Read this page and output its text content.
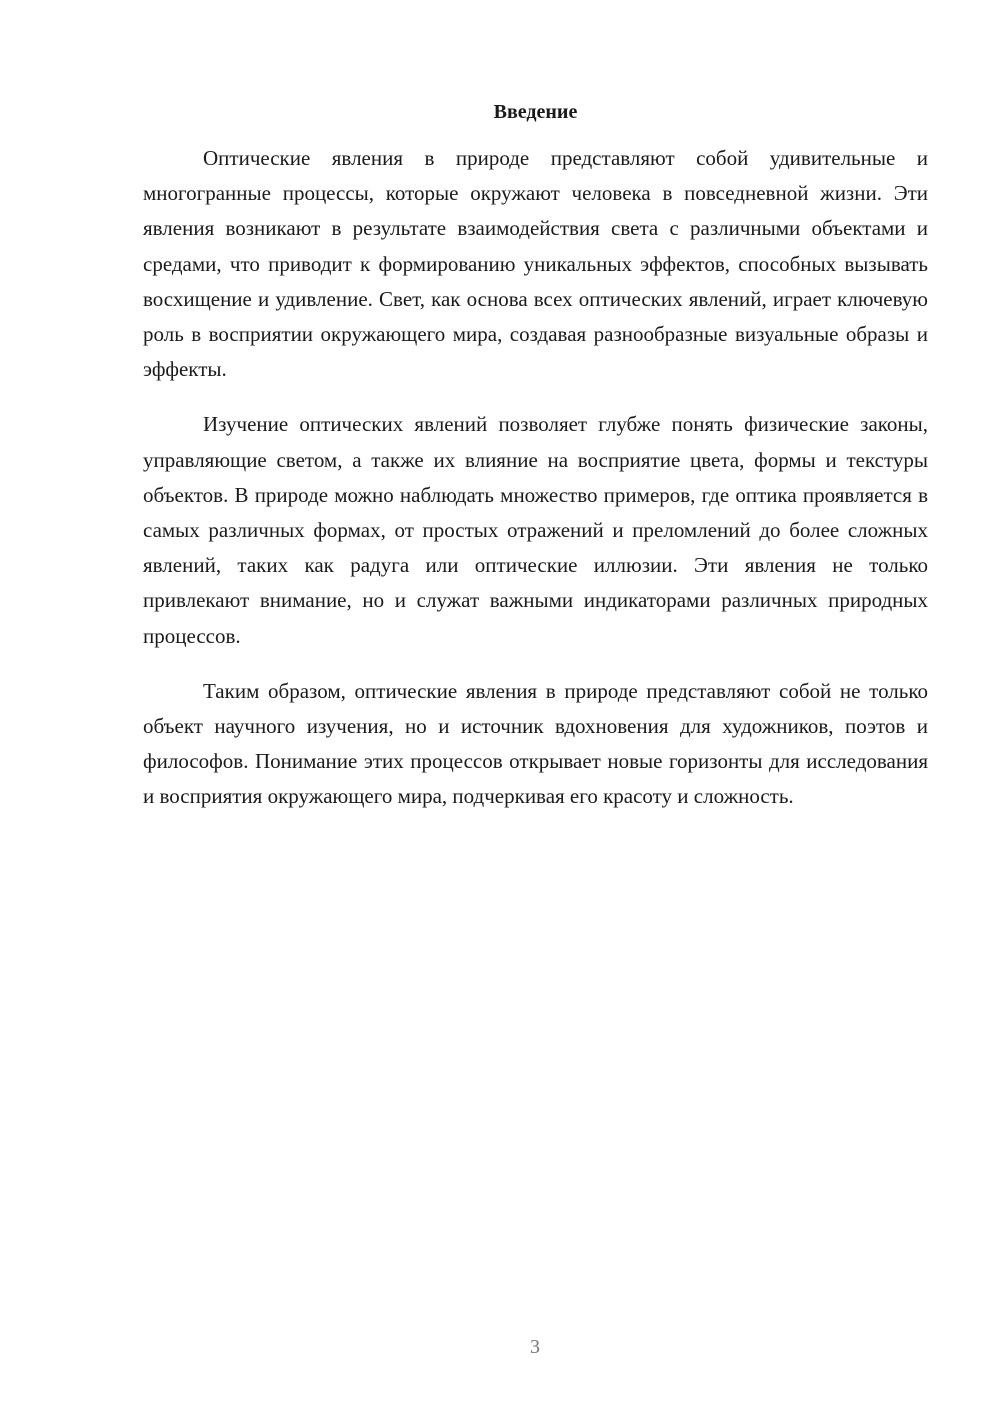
Введение

Оптические явления в природе представляют собой удивительные и многогранные процессы, которые окружают человека в повседневной жизни. Эти явления возникают в результате взаимодействия света с различными объектами и средами, что приводит к формированию уникальных эффектов, способных вызывать восхищение и удивление. Свет, как основа всех оптических явлений, играет ключевую роль в восприятии окружающего мира, создавая разнообразные визуальные образы и эффекты.

Изучение оптических явлений позволяет глубже понять физические законы, управляющие светом, а также их влияние на восприятие цвета, формы и текстуры объектов. В природе можно наблюдать множество примеров, где оптика проявляется в самых различных формах, от простых отражений и преломлений до более сложных явлений, таких как радуга или оптические иллюзии. Эти явления не только привлекают внимание, но и служат важными индикаторами различных природных процессов.

Таким образом, оптические явления в природе представляют собой не только объект научного изучения, но и источник вдохновения для художников, поэтов и философов. Понимание этих процессов открывает новые горизонты для исследования и восприятия окружающего мира, подчеркивая его красоту и сложность.

3
